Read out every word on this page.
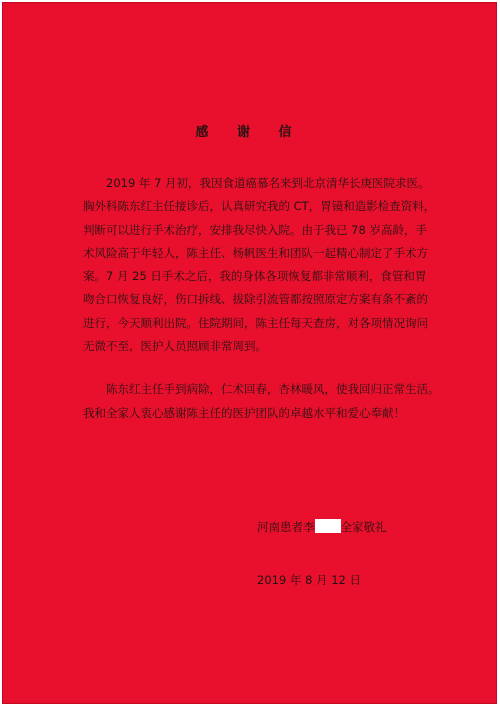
感 谢 信

2019 年 7 月初，我因食道癌慕名来到北京清华长庚医院求医。
胸外科陈东红主任接诊后，认真研究我的 CT，胃镜和造影检查资料，
判断可以进行手术治疗，安排我尽快入院。由于我已 78 岁高龄，手
术风险高于年轻人，陈主任、杨帆医生和团队一起精心制定了手术方
案。7 月 25 日手术之后，我的身体各项恢复都非常顺利，食管和胃
吻合口恢复良好，伤口拆线、拔除引流管都按照原定方案有条不紊的
进行，今天顺利出院。住院期间，陈主任每天查房，对各项情况询问
无微不至，医护人员照顾非常周到。

陈东红主任手到病除，仁术回春，杏林暖风，使我回归正常生活。
我和全家人衷心感谢陈主任的医护团队的卓越水平和爱心奉献！

河南患者李 全家敬礼
2019 年 8 月 12 日
